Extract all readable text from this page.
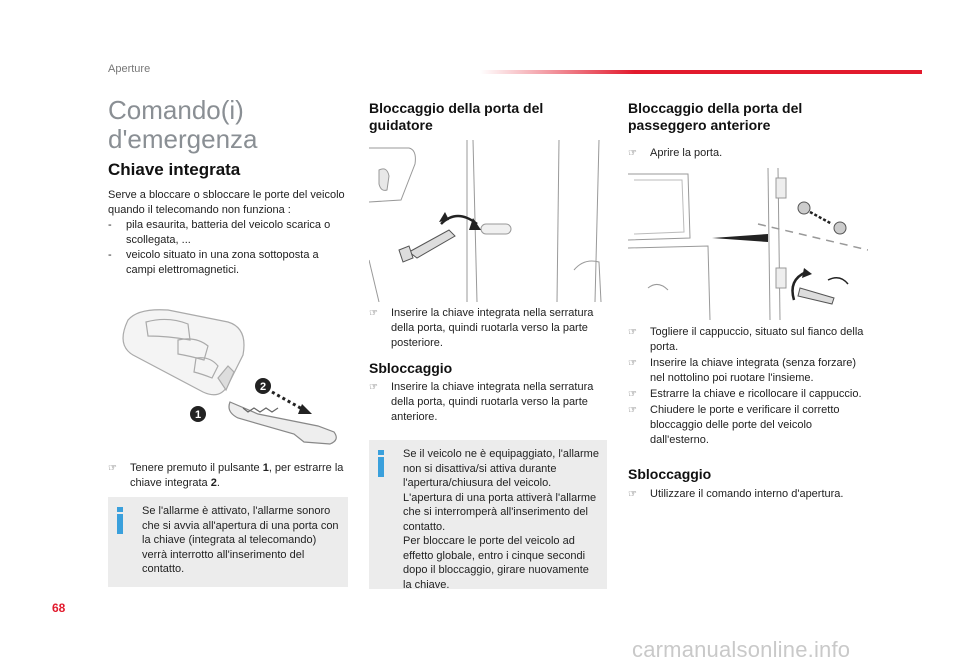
Aperture
Comando(i)
d'emergenza
Chiave integrata
Serve a bloccare o sbloccare le porte del veicolo quando il telecomando non funziona :
- pila esaurita, batteria del veicolo scarica o scollegata, ...
- veicolo situato in una zona sottoposta a campi elettromagnetici.
1
2
☞ Tenere premuto il pulsante 1, per estrarre la chiave integrata 2.
Se l'allarme è attivato, l'allarme sonoro che si avvia all'apertura di una porta con la chiave (integrata al telecomando) verrà interrotto all'inserimento del contatto.
Bloccaggio della porta del guidatore
☞ Inserire la chiave integrata nella serratura della porta, quindi ruotarla verso la parte posteriore.
Sbloccaggio
☞ Inserire la chiave integrata nella serratura della porta, quindi ruotarla verso la parte anteriore.
Se il veicolo ne è equipaggiato, l'allarme non si disattiva/si attiva durante l'apertura/chiusura del veicolo.
L'apertura di una porta attiverà l'allarme che si interromperà all'inserimento del contatto.
Per bloccare le porte del veicolo ad effetto globale, entro i cinque secondi dopo il bloccaggio, girare nuovamente la chiave.
Bloccaggio della porta del passeggero anteriore
☞ Aprire la porta.
☞ Togliere il cappuccio, situato sul fianco della porta.
☞ Inserire la chiave integrata (senza forzare) nel nottolino poi ruotare l'insieme.
☞ Estrarre la chiave e ricollocare il cappuccio.
☞ Chiudere le porte e verificare il corretto bloccaggio delle porte del veicolo dall'esterno.
Sbloccaggio
☞ Utilizzare il comando interno d'apertura.
68
carmanualsonline.info
